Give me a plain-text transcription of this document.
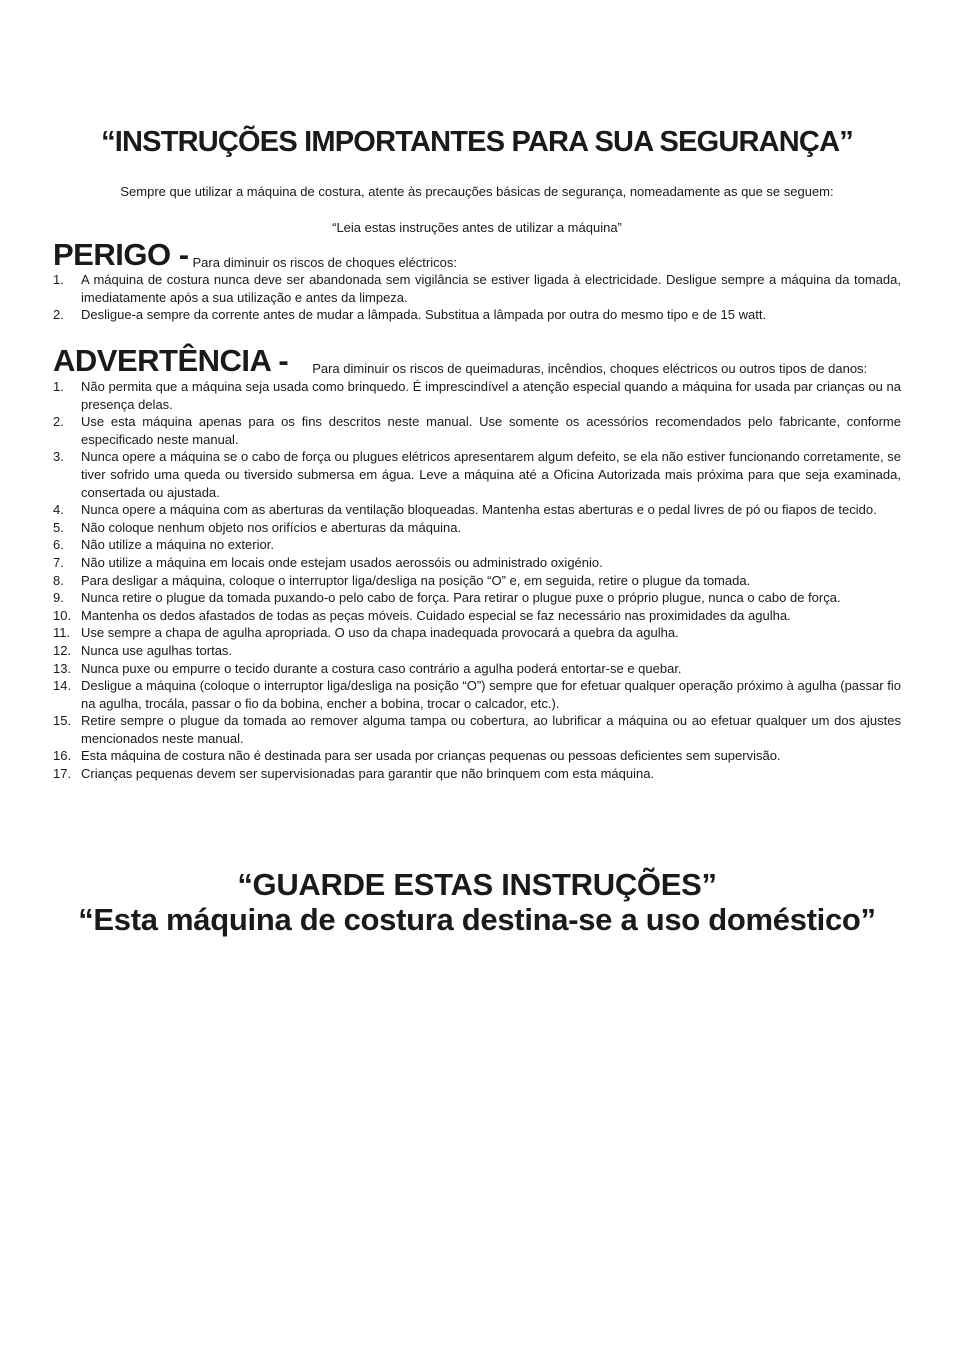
“INSTRUÇÕES IMPORTANTES PARA SUA SEGURANÇA”

Sempre que utilizar a máquina de costura, atente às precauções básicas de segurança, nomeadamente as que se seguem:

“Leia estas instruções antes de utilizar a máquina”

PERIGO - Para diminuir os riscos de choques eléctricos:
1.	A máquina de costura nunca deve ser abandonada sem vigilância se estiver ligada à electricidade. Desligue sempre a máquina da tomada, imediatamente após a sua utilização e antes da limpeza.
2.	Desligue-a sempre da corrente antes de mudar a lâmpada. Substitua a lâmpada por outra do mesmo tipo e de 15 watt.
ADVERTÊNCIA - Para diminuir os riscos de queimaduras, incêndios, choques eléctricos ou outros tipos de danos:
1.	Não permita que a máquina seja usada como brinquedo. É imprescindível a atenção especial quando a máquina for usada par crianças ou na presença delas.
2.	Use esta máquina apenas para os fins descritos neste manual. Use somente os acessórios recomendados pelo fabricante, conforme especificado neste manual.
3.	Nunca opere a máquina se o cabo de força ou plugues elétricos apresentarem algum defeito, se ela não estiver funcionando corretamente, se tiver sofrido uma queda ou tiversido submersa em água. Leve a máquina até a Oficina Autorizada mais próxima para que seja examinada, consertada ou ajustada.
4.	Nunca opere a máquina com as aberturas da ventilação bloqueadas. Mantenha estas aberturas e o pedal livres de pó ou fiapos de tecido.
5.	Não coloque nenhum objeto nos orifícios e aberturas da máquina.
6.	Não utilize a máquina no exterior.
7.	Não utilize a máquina em locais onde estejam usados aerossóis ou administrado oxigénio.
8.	Para desligar a máquina, coloque o interruptor liga/desliga na posição “O” e, em seguida, retire o plugue da tomada.
9.	Nunca retire o plugue da tomada puxando-o pelo cabo de força. Para retirar o plugue puxe o próprio plugue, nunca o cabo de força.
10. Mantenha os dedos afastados de todas as peças móveis. Cuidado especial se faz necessário nas proximidades da agulha.
11. Use sempre a chapa de agulha apropriada. O uso da chapa inadequada provocará a quebra da agulha.
12. Nunca use agulhas tortas.
13. Nunca puxe ou empurre o tecido durante a costura caso contrário a agulha poderá entortar-se e quebar.
14. Desligue a máquina (coloque o interruptor liga/desliga na posição “O”) sempre que for efetuar qualquer operação próximo à agulha (passar fio na agulha, trocála, passar o fio da bobina, encher a bobina, trocar o calcador, etc.).
15. Retire sempre o plugue da tomada ao remover alguma tampa ou cobertura, ao lubrificar a máquina ou ao efetuar qualquer um dos ajustes mencionados neste manual.
16. Esta máquina de costura não é destinada para ser usada por crianças pequenas ou pessoas deficientes sem supervisão.
17. Crianças pequenas devem ser supervisionadas para garantir que não brinquem com esta máquina.

“GUARDE ESTAS INSTRUÇÕES”

“Esta máquina de costura destina-se a uso doméstico”
